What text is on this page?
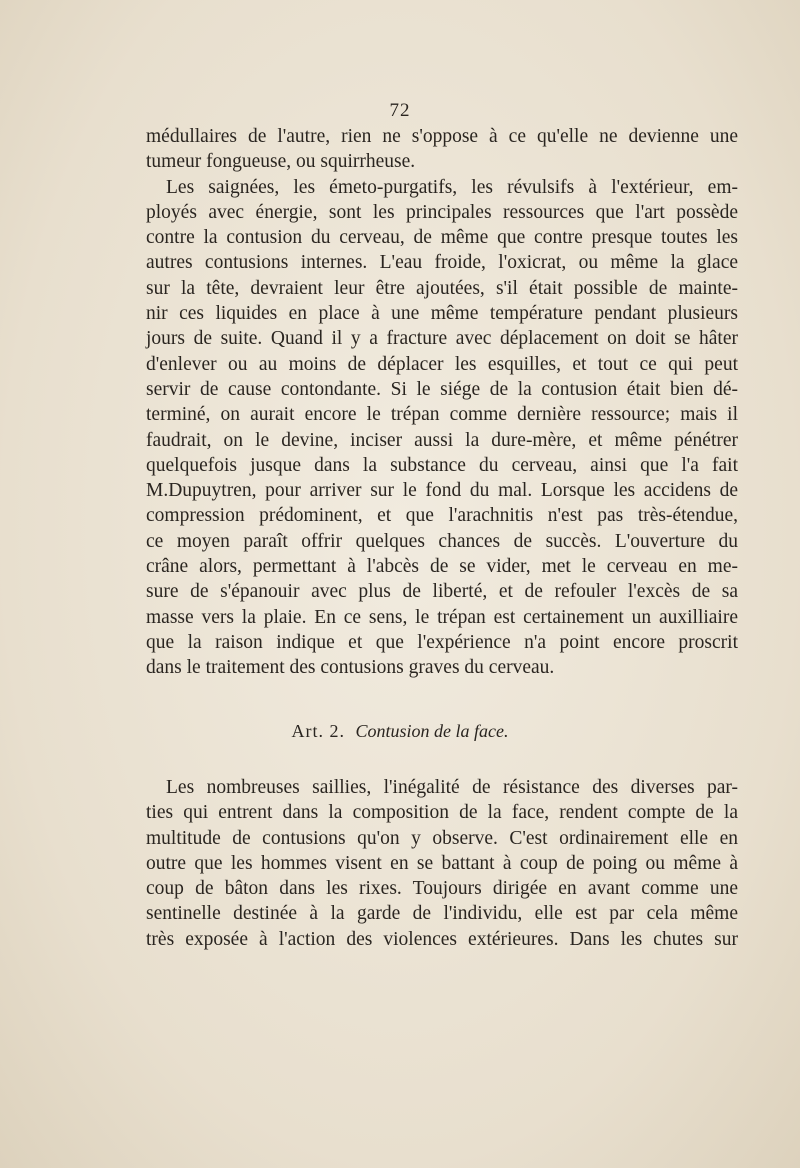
72
médullaires de l'autre, rien ne s'oppose à ce qu'elle ne devienne une
tumeur fongueuse, ou squirrheuse.
Les saignées, les émeto-purgatifs, les révulsifs à l'extérieur, em-
ployés avec énergie, sont les principales ressources que l'art possède
contre la contusion du cerveau, de même que contre presque toutes les
autres contusions internes. L'eau froide, l'oxicrat, ou même la glace
sur la tête, devraient leur être ajoutées, s'il était possible de mainte-
nir ces liquides en place à une même température pendant plusieurs
jours de suite. Quand il y a fracture avec déplacement on doit se hâter
d'enlever ou au moins de déplacer les esquilles, et tout ce qui peut
servir de cause contondante. Si le siége de la contusion était bien dé-
terminé, on aurait encore le trépan comme dernière ressource; mais il
faudrait, on le devine, inciser aussi la dure-mère, et même pénétrer
quelquefois jusque dans la substance du cerveau, ainsi que l'a fait
M.Dupuytren, pour arriver sur le fond du mal. Lorsque les accidens de
compression prédominent, et que l'arachnitis n'est pas très-étendue,
ce moyen paraît offrir quelques chances de succès. L'ouverture du
crâne alors, permettant à l'abcès de se vider, met le cerveau en me-
sure de s'épanouir avec plus de liberté, et de refouler l'excès de sa
masse vers la plaie. En ce sens, le trépan est certainement un auxilliaire
que la raison indique et que l'expérience n'a point encore proscrit
dans le traitement des contusions graves du cerveau.
Art. 2. Contusion de la face.
Les nombreuses saillies, l'inégalité de résistance des diverses par-
ties qui entrent dans la composition de la face, rendent compte de la
multitude de contusions qu'on y observe. C'est ordinairement elle en
outre que les hommes visent en se battant à coup de poing ou même à
coup de bâton dans les rixes. Toujours dirigée en avant comme une
sentinelle destinée à la garde de l'individu, elle est par cela même
très exposée à l'action des violences extérieures. Dans les chutes sur
